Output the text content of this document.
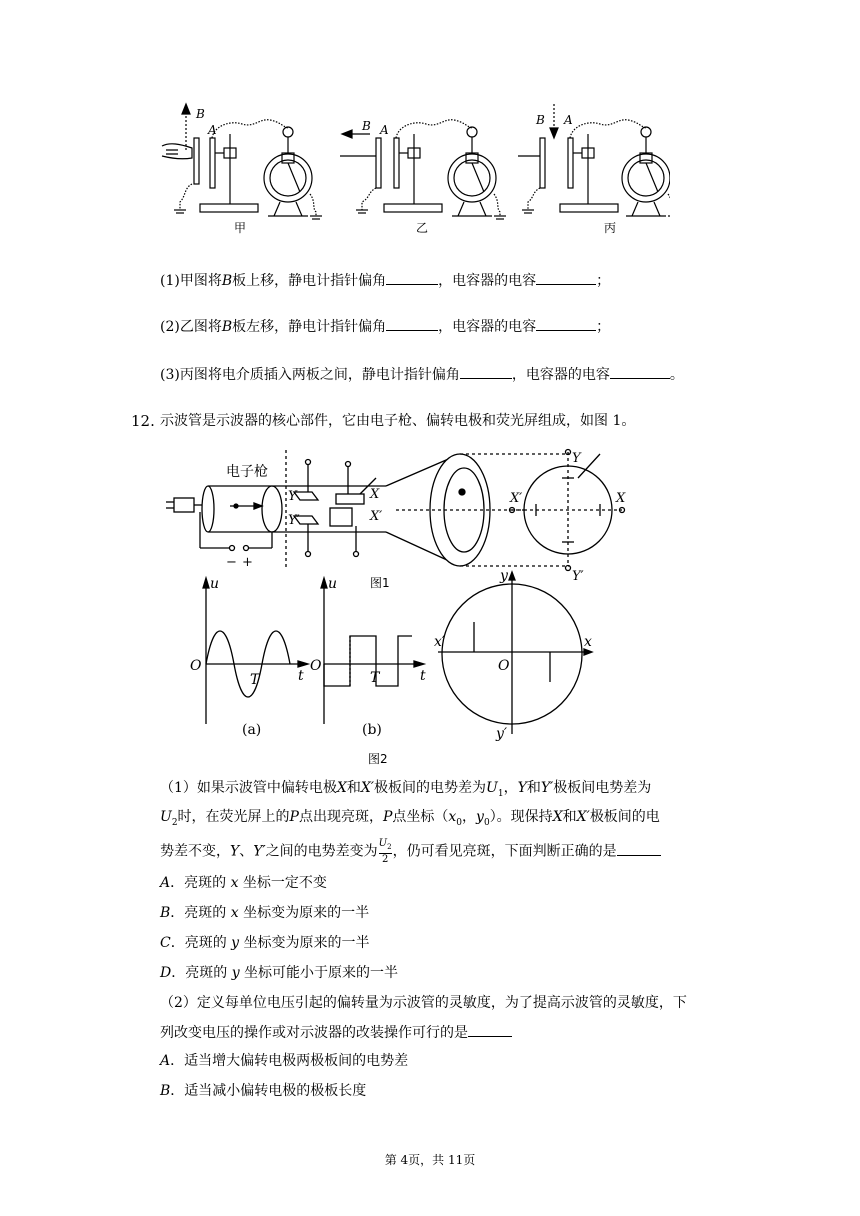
B
A	B A
B A
甲	乙	丙
(1)甲图将B板上移，静电计指针偏角	，电容器的电容	；
(2)乙图将B板左移，静电计指针偏角	，电容器的电容	；
(3)丙图将电介质插入两板之间，静电计指针偏角	，电容器的电容	。
12. 示波管是示波器的核心部件，它由电子枪、偏转电极和荧光屏组成，如图 1。
电子枪
− +
Y
Y′
X
X′
Y
Y′
X
X′
图1
u
O
t
T
(a)
u
O
t
T
(b)
y
y′
x
x′
O
图2
（1）如果示波管中偏转电极X和X′极板间的电势差为$U_1$，Y和Y′极板间电势差为
$U_2$时，在荧光屏上的P点出现亮斑，P点坐标（$x_0$，$y_0$）。现保持X和X′极板间的电
势差不变，Y、Y′之间的电势差变为 $\frac{U_2}{2}$ ，仍可看见亮斑，下面判断正确的是
A．亮斑的 x 坐标一定不变
B．亮斑的 x 坐标变为原来的一半
C．亮斑的 y 坐标变为原来的一半
D．亮斑的 y 坐标可能小于原来的一半
（2）定义每单位电压引起的偏转量为示波管的灵敏度，为了提高示波管的灵敏度，下
列改变电压的操作或对示波器的改装操作可行的是
A．适当增大偏转电极两极板间的电势差
B．适当减小偏转电极的极板长度
第 4页，共 11页
